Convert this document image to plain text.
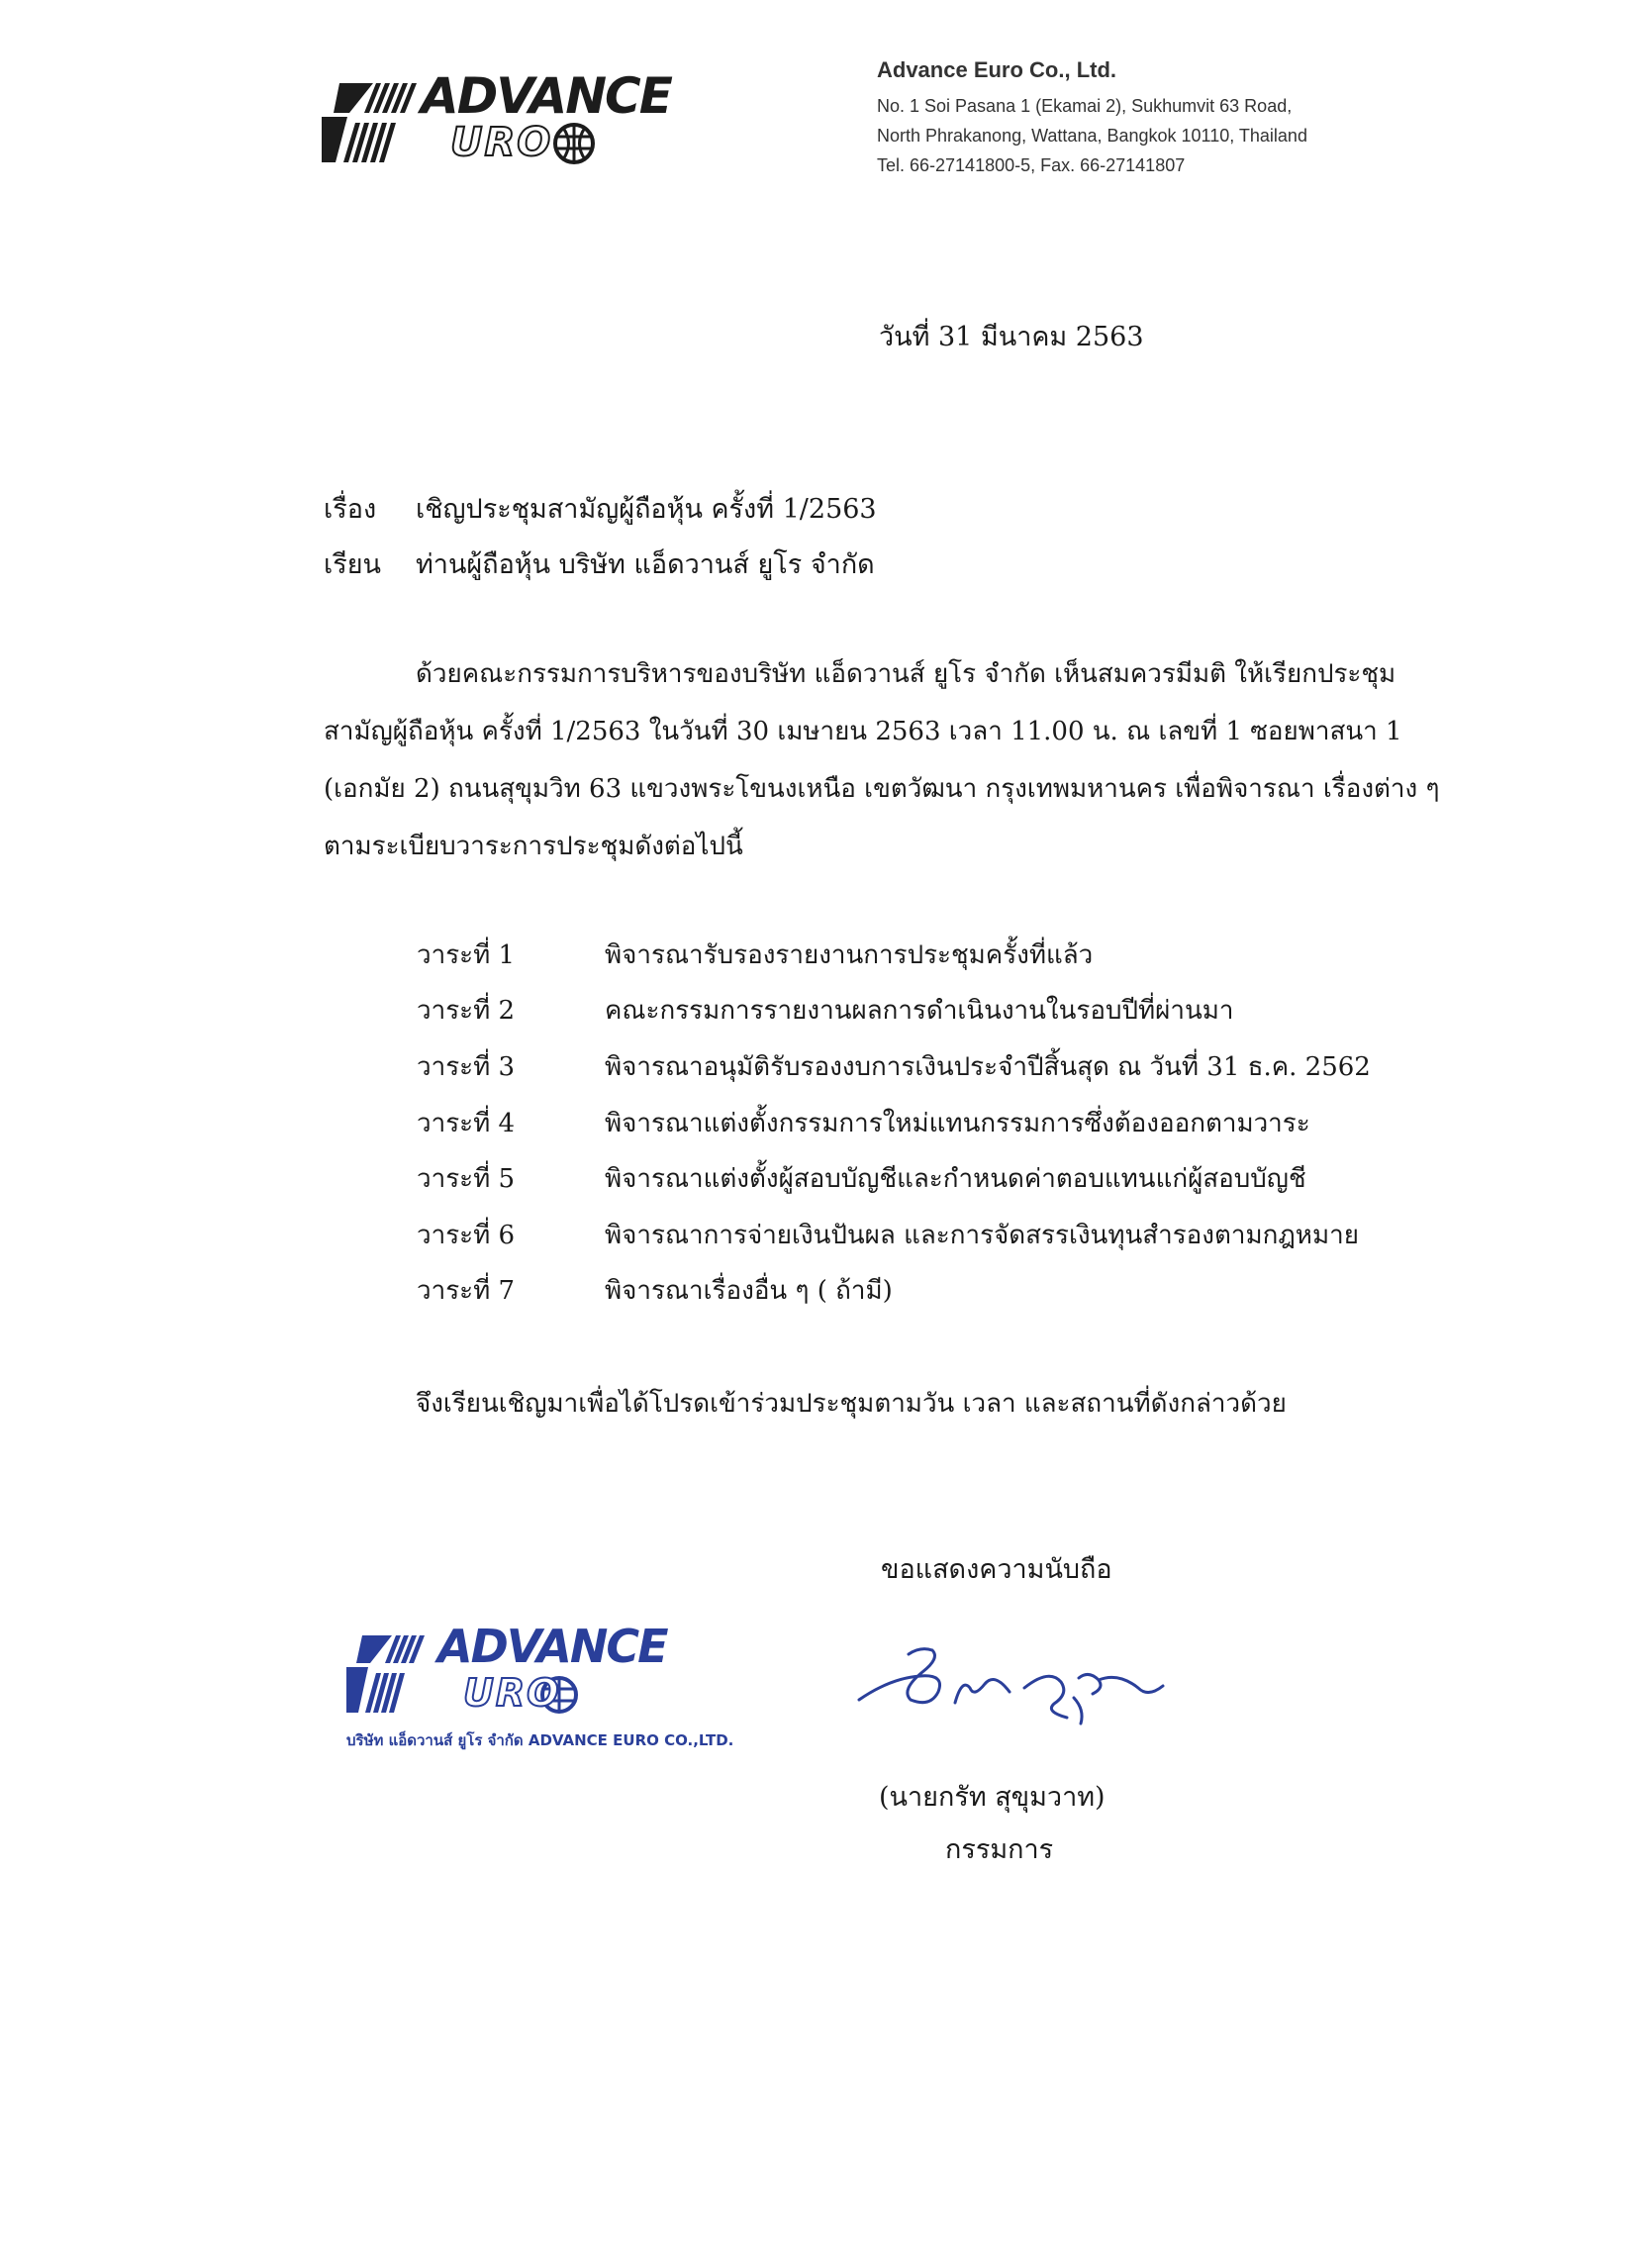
ADVANCE
URO
Advance Euro Co., Ltd.
No. 1 Soi Pasana 1 (Ekamai 2), Sukhumvit 63 Road,
North Phrakanong, Wattana, Bangkok 10110, Thailand
Tel. 66-27141800-5, Fax. 66-27141807
วันที่ 31 มีนาคม 2563
เรื่อง เชิญประชุมสามัญผู้ถือหุ้น ครั้งที่ 1/2563
เรียน ท่านผู้ถือหุ้น บริษัท แอ็ดวานส์ ยูโร จำกัด
ด้วยคณะกรรมการบริหารของบริษัท แอ็ดวานส์ ยูโร จำกัด เห็นสมควรมีมติ ให้เรียกประชุม
สามัญผู้ถือหุ้น ครั้งที่ 1/2563 ในวันที่ 30 เมษายน 2563 เวลา 11.00 น. ณ เลขที่ 1 ซอยพาสนา 1
(เอกมัย 2) ถนนสุขุมวิท 63 แขวงพระโขนงเหนือ เขตวัฒนา กรุงเทพมหานคร เพื่อพิจารณา เรื่องต่าง ๆ
ตามระเบียบวาระการประชุมดังต่อไปนี้
วาระที่ 1	พิจารณารับรองรายงานการประชุมครั้งที่แล้ว
วาระที่ 2	คณะกรรมการรายงานผลการดำเนินงานในรอบปีที่ผ่านมา
วาระที่ 3	พิจารณาอนุมัติรับรองงบการเงินประจำปีสิ้นสุด ณ วันที่ 31 ธ.ค. 2562
วาระที่ 4	พิจารณาแต่งตั้งกรรมการใหม่แทนกรรมการซึ่งต้องออกตามวาระ
วาระที่ 5	พิจารณาแต่งตั้งผู้สอบบัญชีและกำหนดค่าตอบแทนแก่ผู้สอบบัญชี
วาระที่ 6	พิจารณาการจ่ายเงินปันผล และการจัดสรรเงินทุนสำรองตามกฎหมาย
วาระที่ 7	พิจารณาเรื่องอื่น ๆ ( ถ้ามี)
จึงเรียนเชิญมาเพื่อได้โปรดเข้าร่วมประชุมตามวัน เวลา และสถานที่ดังกล่าวด้วย
ขอแสดงความนับถือ
ADVANCE
URO
บริษัท แอ็ดวานส์ ยูโร จำกัด ADVANCE EURO CO.,LTD.
(นายกรัท สุขุมวาท)
กรรมการ
